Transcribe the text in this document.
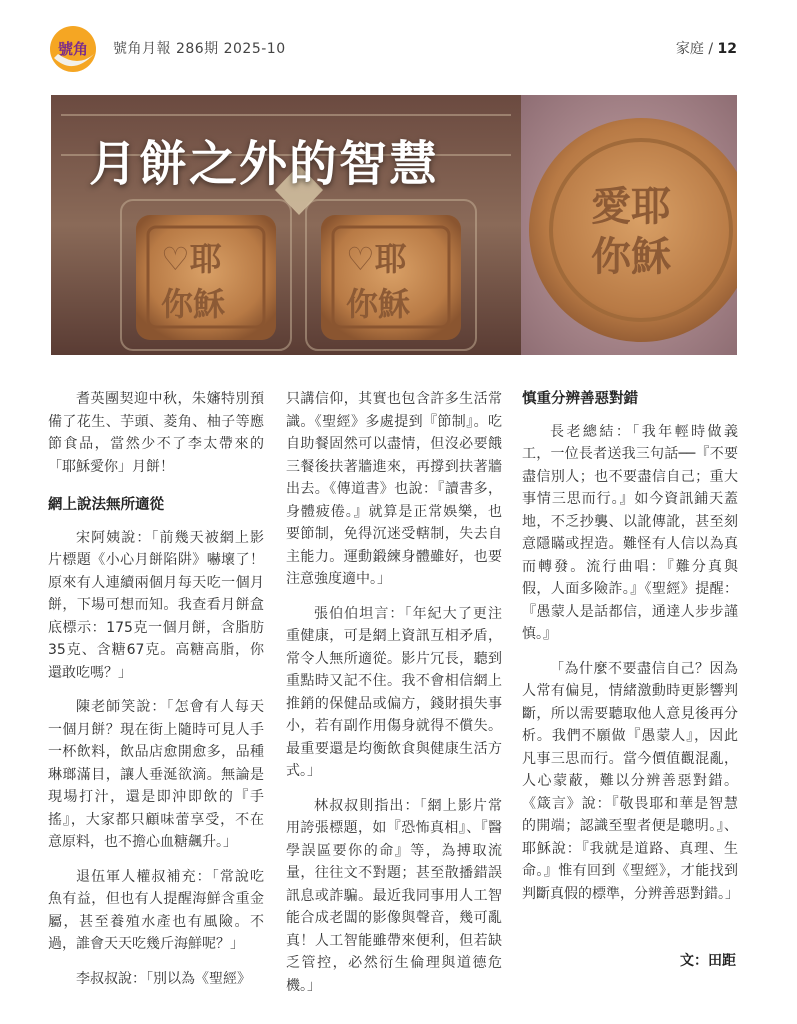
號角 號角月報 286期 2025-10	家庭 / 12
♡耶
你穌
♡耶
你穌
愛耶
你穌
月餅之外的智慧

耆英團契迎中秋，朱嬸特別預備了花生、芋頭、菱角、柚子等應節食品，當然少不了李太帶來的「耶穌愛你」月餅！

網上說法無所適從

宋阿姨說：「前幾天被網上影片標題《小心月餅陷阱》嚇壞了！原來有人連續兩個月每天吃一個月餅，下場可想而知。我查看月餅盒底標示：175克一個月餅，含脂肪35克、含糖67克。高糖高脂，你還敢吃嗎？」

陳老師笑說：「怎會有人每天一個月餅？現在街上隨時可見人手一杯飲料，飲品店愈開愈多，品種琳瑯滿目，讓人垂涎欲滴。無論是現場打汁，還是即沖即飲的『手搖』，大家都只顧味蕾享受，不在意原料，也不擔心血糖飆升。」

退伍軍人權叔補充：「常說吃魚有益，但也有人提醒海鮮含重金屬，甚至養殖水產也有風險。不過，誰會天天吃幾斤海鮮呢？」

李叔叔說：「別以為《聖經》

只講信仰，其實也包含許多生活常識。《聖經》多處提到『節制』。吃自助餐固然可以盡情，但沒必要餓三餐後扶著牆進來，再撐到扶著牆出去。《傳道書》也說：『讀書多，身體疲倦。』就算是正常娛樂，也要節制，免得沉迷受轄制，失去自主能力。運動鍛練身體雖好，也要注意強度適中。」

張伯伯坦言：「年紀大了更注重健康，可是網上資訊互相矛盾，常令人無所適從。影片冗長，聽到重點時又記不住。我不會相信網上推銷的保健品或偏方，錢財損失事小，若有副作用傷身就得不償失。最重要還是均衡飲食與健康生活方式。」

林叔叔則指出：「網上影片常用誇張標題，如『恐怖真相』、『醫學誤區要你的命』等，為搏取流量，往往文不對題；甚至散播錯誤訊息或詐騙。最近我同事用人工智能合成老闆的影像與聲音，幾可亂真！人工智能雖帶來便利，但若缺乏管控，必然衍生倫理與道德危機。」

慎重分辨善惡對錯

長老總結：「我年輕時做義工，一位長者送我三句話──『不要盡信別人；也不要盡信自己；重大事情三思而行。』如今資訊鋪天蓋地，不乏抄襲、以訛傳訛，甚至刻意隱瞞或捏造。難怪有人信以為真而轉發。流行曲唱：『難分真與假，人面多險詐。』《聖經》提醒：『愚蒙人是話都信，通達人步步謹慎。』

「為什麼不要盡信自己？因為人常有偏見，情緒激動時更影響判斷，所以需要聽取他人意見後再分析。我們不願做『愚蒙人』，因此凡事三思而行。當今價值觀混亂，人心蒙蔽，難以分辨善惡對錯。《箴言》說：『敬畏耶和華是智慧的開端；認識至聖者便是聰明。』、耶穌說：『我就是道路、真理、生命。』惟有回到《聖經》，才能找到判斷真假的標準，分辨善惡對錯。」

文：田距
